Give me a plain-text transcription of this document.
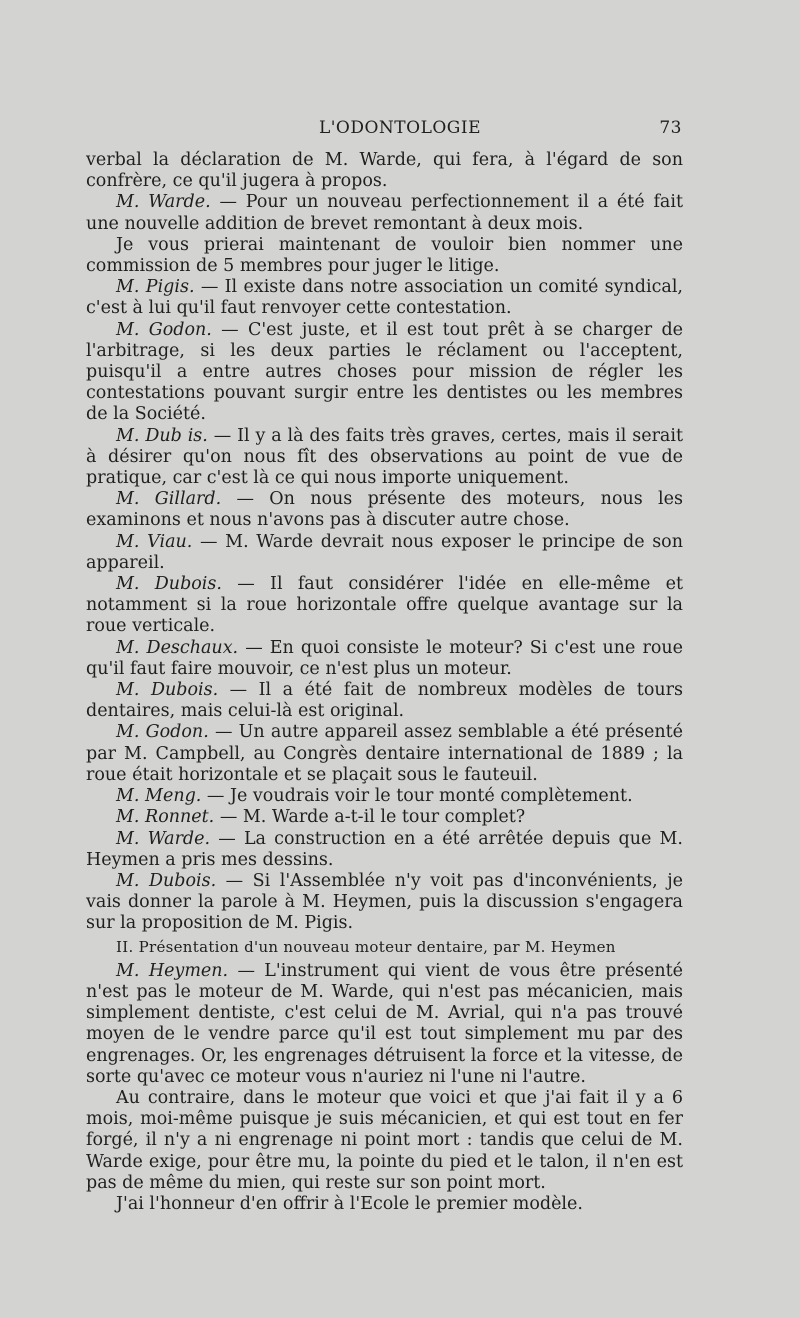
L'ODONTOLOGIE	73

verbal la déclaration de M. Warde, qui fera, à l'égard de son confrère, ce qu'il jugera à propos.

M. Warde. — Pour un nouveau perfectionnement il a été fait une nouvelle addition de brevet remontant à deux mois.

Je vous prierai maintenant de vouloir bien nommer une commission de 5 membres pour juger le litige.

M. Pigis. — Il existe dans notre association un comité syndical, c'est à lui qu'il faut renvoyer cette contestation.

M. Godon. — C'est juste, et il est tout prêt à se charger de l'arbitrage, si les deux parties le réclament ou l'acceptent, puisqu'il a entre autres choses pour mission de régler les contestations pouvant surgir entre les dentistes ou les membres de la Société.

M. Dub is. — Il y a là des faits très graves, certes, mais il serait à désirer qu'on nous fît des observations au point de vue de pratique, car c'est là ce qui nous importe uniquement.

M. Gillard. — On nous présente des moteurs, nous les examinons et nous n'avons pas à discuter autre chose.

M. Viau. — M. Warde devrait nous exposer le principe de son appareil.

M. Dubois. — Il faut considérer l'idée en elle-même et notamment si la roue horizontale offre quelque avantage sur la roue verticale.

M. Deschaux. — En quoi consiste le moteur? Si c'est une roue qu'il faut faire mouvoir, ce n'est plus un moteur.

M. Dubois. — Il a été fait de nombreux modèles de tours dentaires, mais celui-là est original.

M. Godon. — Un autre appareil assez semblable a été présenté par M. Campbell, au Congrès dentaire international de 1889 ; la roue était horizontale et se plaçait sous le fauteuil.

M. Meng. — Je voudrais voir le tour monté complètement.

M. Ronnet. — M. Warde a-t-il le tour complet?

M. Warde. — La construction en a été arrêtée depuis que M. Heymen a pris mes dessins.

M. Dubois. — Si l'Assemblée n'y voit pas d'inconvénients, je vais donner la parole à M. Heymen, puis la discussion s'engagera sur la proposition de M. Pigis.

II. Présentation d'un nouveau moteur dentaire, par M. Heymen

M. Heymen. — L'instrument qui vient de vous être présenté n'est pas le moteur de M. Warde, qui n'est pas mécanicien, mais simplement dentiste, c'est celui de M. Avrial, qui n'a pas trouvé moyen de le vendre parce qu'il est tout simplement mu par des engrenages. Or, les engrenages détruisent la force et la vitesse, de sorte qu'avec ce moteur vous n'auriez ni l'une ni l'autre.

Au contraire, dans le moteur que voici et que j'ai fait il y a 6 mois, moi-même puisque je suis mécanicien, et qui est tout en fer forgé, il n'y a ni engrenage ni point mort : tandis que celui de M. Warde exige, pour être mu, la pointe du pied et le talon, il n'en est pas de même du mien, qui reste sur son point mort.

J'ai l'honneur d'en offrir à l'Ecole le premier modèle.
